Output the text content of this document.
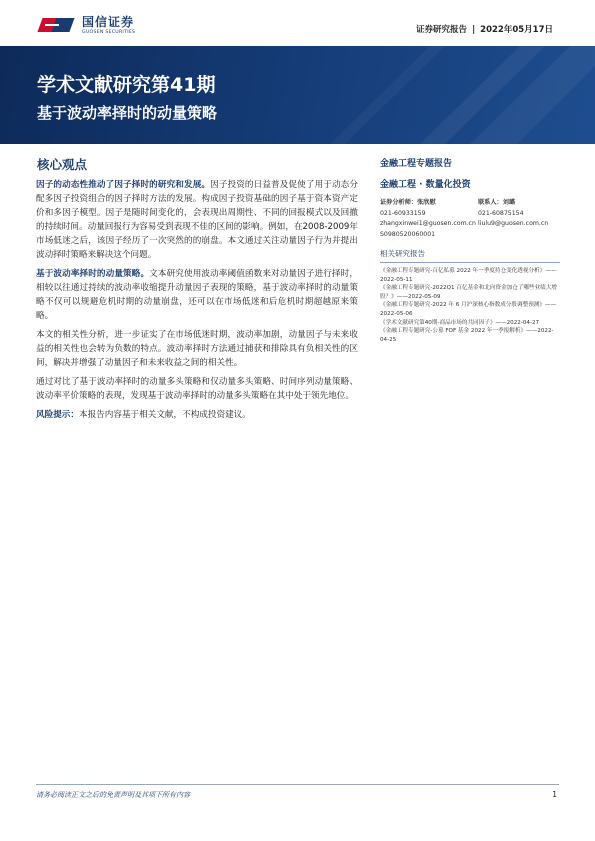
国信证券
GUOSEN SECURITIES	证券研究报告 | 2022年05月17日
学术文献研究第41期
基于波动率择时的动量策略
核心观点

因子的动态性推动了因子择时的研究和发展。因子投资的日益普及促使了用于动态分配多因子投资组合的因子择时方法的发展。构成因子投资基础的因子基于资本资产定价和多因子模型。因子是随时间变化的，会表现出周期性、不同的回报模式以及回撤的持续时间。动量回报行为容易受到表现不佳的区间的影响。例如，在2008-2009年市场低迷之后，该因子经历了一次突然的的崩盘。本文通过关注动量因子行为并提出波动择时策略来解决这个问题。

基于波动率择时的动量策略。文本研究使用波动率阈值函数来对动量因子进行择时，相较以往通过持续的波动率收缩提升动量因子表现的策略，基于波动率择时的动量策略不仅可以规避危机时期的动量崩盘，还可以在市场低迷和后危机时期超越原来策略。

本文的相关性分析，进一步证实了在市场低迷时期，波动率加剧，动量因子与未来收益的相关性也会转为负数的特点。波动率择时方法通过捕获和排除具有负相关性的区间，解决并增强了动量因子和未来收益之间的相关性。

通过对比了基于波动率择时的动量多头策略和仅动量多头策略、时间序列动量策略、波动率平价策略的表现，发现基于波动率择时的动量多头策略在其中处于领先地位。

风险提示：本报告内容基于相关文献，不构成投资建议。

金融工程专题报告
金融工程 · 数量化投资
证券分析师：张欣慰
021-60933159
zhangxinwei1@guosen.com.cn
S0980520060001
联系人：刘璐
021-60875154
liulu9@guosen.com.cn
相关研究报告
《金融工程专题研究-百亿私募 2022 年一季度持仓变化透视分析》——2022-05-11
《金融工程专题研究-2022Q1 百亿基金和北向资金加仓了哪些业绩大增股？》——2022-05-09
《金融工程专题研究-2022 年 6 月沪深核心指数成分股调整预测》——2022-05-06
《学术文献研究第40期-商品市场的共同因子》——2022-04-27
《金融工程专题研究-公募 FOF 基金 2022 年一季报解析》——2022-04-25
请务必阅读正文之后的免责声明及其项下所有内容	1
